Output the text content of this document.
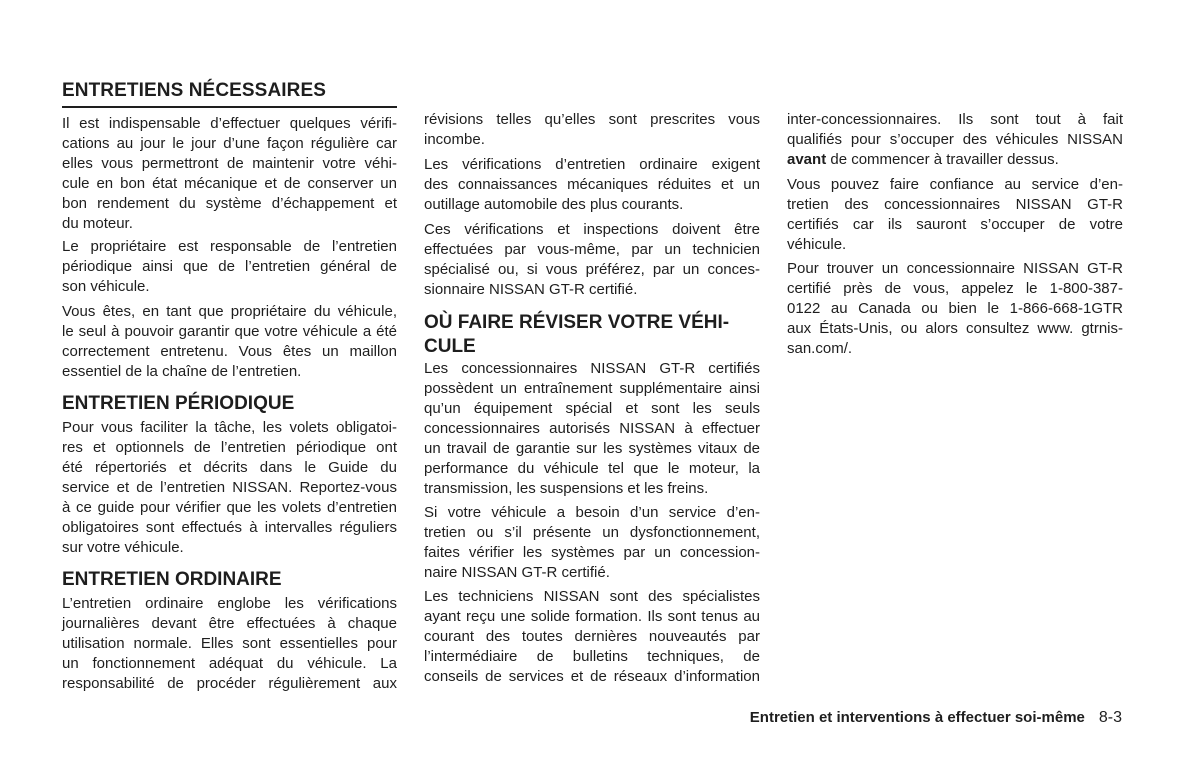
ENTRETIENS NÉCESSAIRES

Il est indispensable d’effectuer quelques vérifi-
cations au jour le jour d’une façon régulière car
elles vous permettront de maintenir votre véhi-
cule en bon état mécanique et de conserver un
bon rendement du système d’échappement et
du moteur.

Le propriétaire est responsable de l’entretien
périodique ainsi que de l’entretien général de
son véhicule.

Vous êtes, en tant que propriétaire du véhicule,
le seul à pouvoir garantir que votre véhicule a été
correctement entretenu. Vous êtes un maillon
essentiel de la chaîne de l’entretien.

ENTRETIEN PÉRIODIQUE

Pour vous faciliter la tâche, les volets obligatoi-
res et optionnels de l’entretien périodique ont
été répertoriés et décrits dans le Guide du
service et de l’entretien NISSAN. Reportez-vous
à ce guide pour vérifier que les volets d’entretien
obligatoires sont effectués à intervalles réguliers
sur votre véhicule.

ENTRETIEN ORDINAIRE

L’entretien ordinaire englobe les vérifications
journalières devant être effectuées à chaque
utilisation normale. Elles sont essentielles pour
un fonctionnement adéquat du véhicule. La
responsabilité de procéder régulièrement aux

révisions telles qu’elles sont prescrites vous
incombe.

Les vérifications d’entretien ordinaire exigent
des connaissances mécaniques réduites et un
outillage automobile des plus courants.

Ces vérifications et inspections doivent être
effectuées par vous-même, par un technicien
spécialisé ou, si vous préférez, par un conces-
sionnaire NISSAN GT-R certifié.

OÙ FAIRE RÉVISER VOTRE VÉHI-
CULE

Les concessionnaires NISSAN GT-R certifiés
possèdent un entraînement supplémentaire ainsi
qu’un équipement spécial et sont les seuls
concessionnaires autorisés NISSAN à effectuer
un travail de garantie sur les systèmes vitaux de
performance du véhicule tel que le moteur, la
transmission, les suspensions et les freins.

Si votre véhicule a besoin d’un service d’en-
tretien ou s’il présente un dysfonctionnement,
faites vérifier les systèmes par un concession-
naire NISSAN GT-R certifié.

Les techniciens NISSAN sont des spécialistes
ayant reçu une solide formation. Ils sont tenus au
courant des toutes dernières nouveautés par
l’intermédiaire de bulletins techniques, de
conseils de services et de réseaux d’information

inter-concessionnaires. Ils sont tout à fait
qualifiés pour s’occuper des véhicules NISSAN
avant de commencer à travailler dessus.

Vous pouvez faire confiance au service d’en-
tretien des concessionnaires NISSAN GT-R
certifiés car ils sauront s’occuper de votre
véhicule.

Pour trouver un concessionnaire NISSAN GT-R
certifié près de vous, appelez le 1-800-387-
0122 au Canada ou bien le 1-866-668-1GTR
aux États-Unis, ou alors consultez www. gtrnis-
san.com/.

Entretien et interventions à effectuer soi-même 8-3
